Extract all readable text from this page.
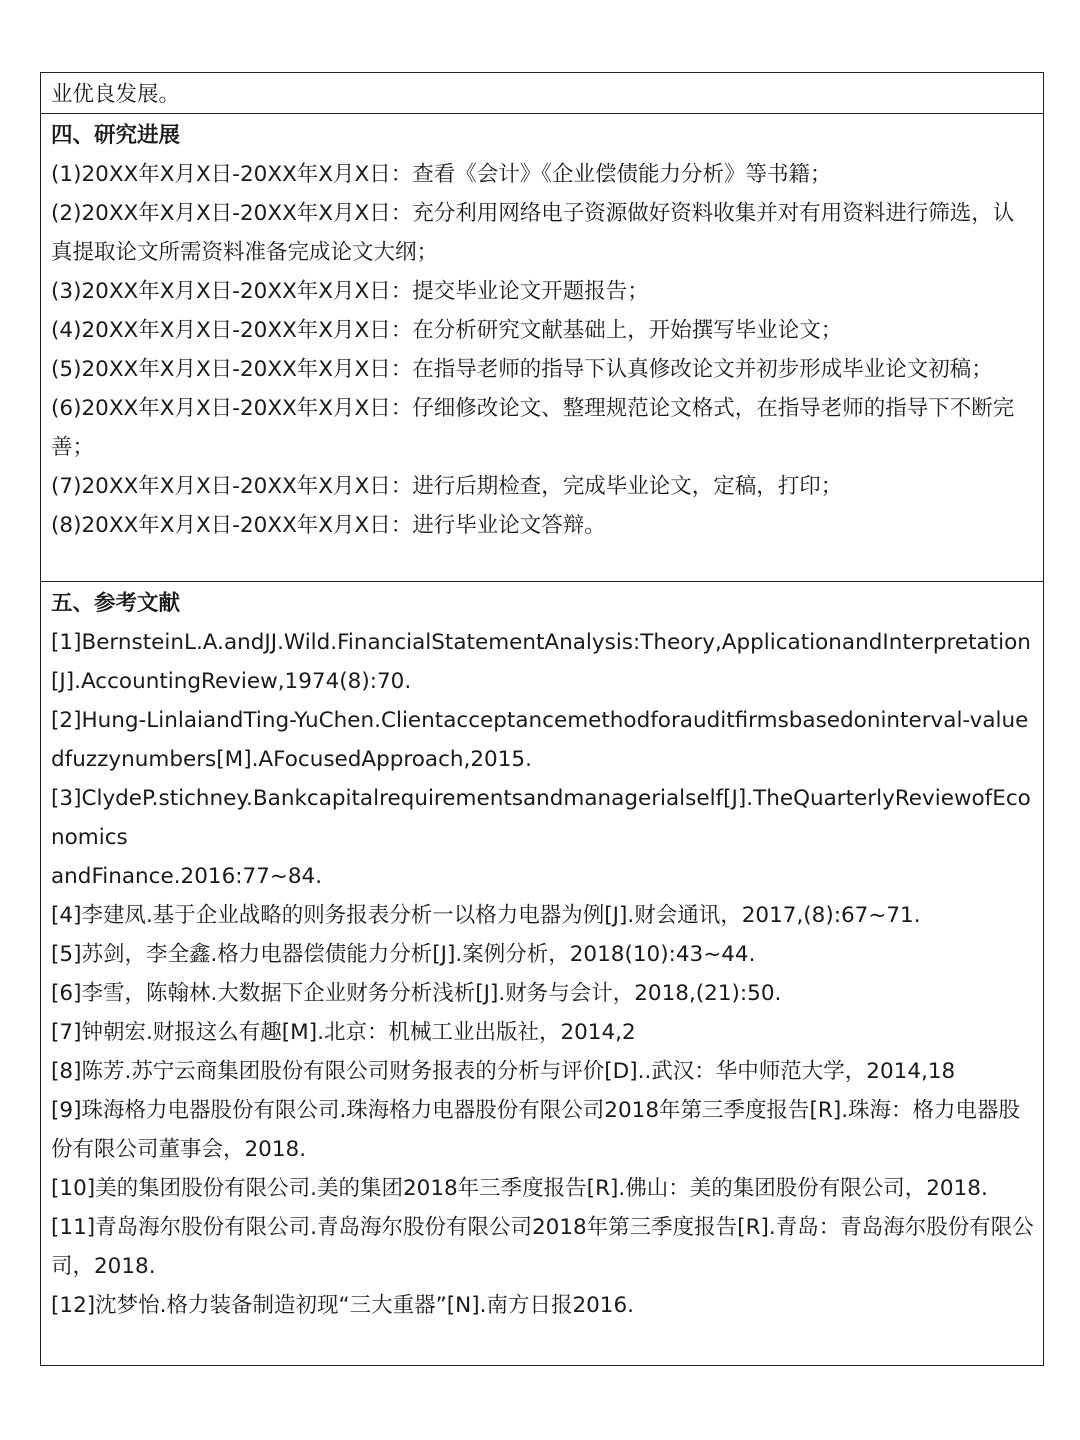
业优良发展。
四、研究进展
(1)20XX年X月X日-20XX年X月X日：查看《会计》《企业偿债能力分析》等书籍；
(2)20XX年X月X日-20XX年X月X日：充分利用网络电子资源做好资料收集并对有用资料进行筛选，认真提取论文所需资料准备完成论文大纲；
(3)20XX年X月X日-20XX年X月X日：提交毕业论文开题报告；
(4)20XX年X月X日-20XX年X月X日：在分析研究文献基础上，开始撰写毕业论文；
(5)20XX年X月X日-20XX年X月X日：在指导老师的指导下认真修改论文并初步形成毕业论文初稿；
(6)20XX年X月X日-20XX年X月X日：仔细修改论文、整理规范论文格式，在指导老师的指导下不断完善；
(7)20XX年X月X日-20XX年X月X日：进行后期检查，完成毕业论文，定稿，打印；
(8)20XX年X月X日-20XX年X月X日：进行毕业论文答辩。
五、参考文献
[1]BernsteinL.A.andJJ.Wild.FinancialStatementAnalysis:Theory,ApplicationandInterpretation[J].AccountingReview,1974(8):70.
[2]Hung-LinlaiandTing-YuChen.Clientacceptancemethodforauditfirmsbasedoninterval-valuedfuzzynumbers[M].AFocusedApproach,2015.
[3]ClydeP.stichney.Bankcapitalrequirementsandmanagerialself[J].TheQuarterlyReviewofEconomics
andFinance.2016:77~84.
[4]李建凤.基于企业战略的则务报表分析一以格力电器为例[J].财会通讯，2017,(8):67~71.
[5]苏剑，李全鑫.格力电器偿债能力分析[J].案例分析，2018(10):43~44.
[6]李雪，陈翰林.大数据下企业财务分析浅析[J].财务与会计，2018,(21):50.
[7]钟朝宏.财报这么有趣[M].北京：机械工业出版社，2014,2
[8]陈芳.苏宁云商集团股份有限公司财务报表的分析与评价[D]..武汉：华中师范大学，2014,18
[9]珠海格力电器股份有限公司.珠海格力电器股份有限公司2018年第三季度报告[R].珠海：格力电器股份有限公司董事会，2018.
[10]美的集团股份有限公司.美的集团2018年三季度报告[R].佛山：美的集团股份有限公司，2018.
[11]青岛海尔股份有限公司.青岛海尔股份有限公司2018年第三季度报告[R].青岛：青岛海尔股份有限公司，2018.
[12]沈梦怡.格力装备制造初现“三大重器”[N].南方日报2016.
